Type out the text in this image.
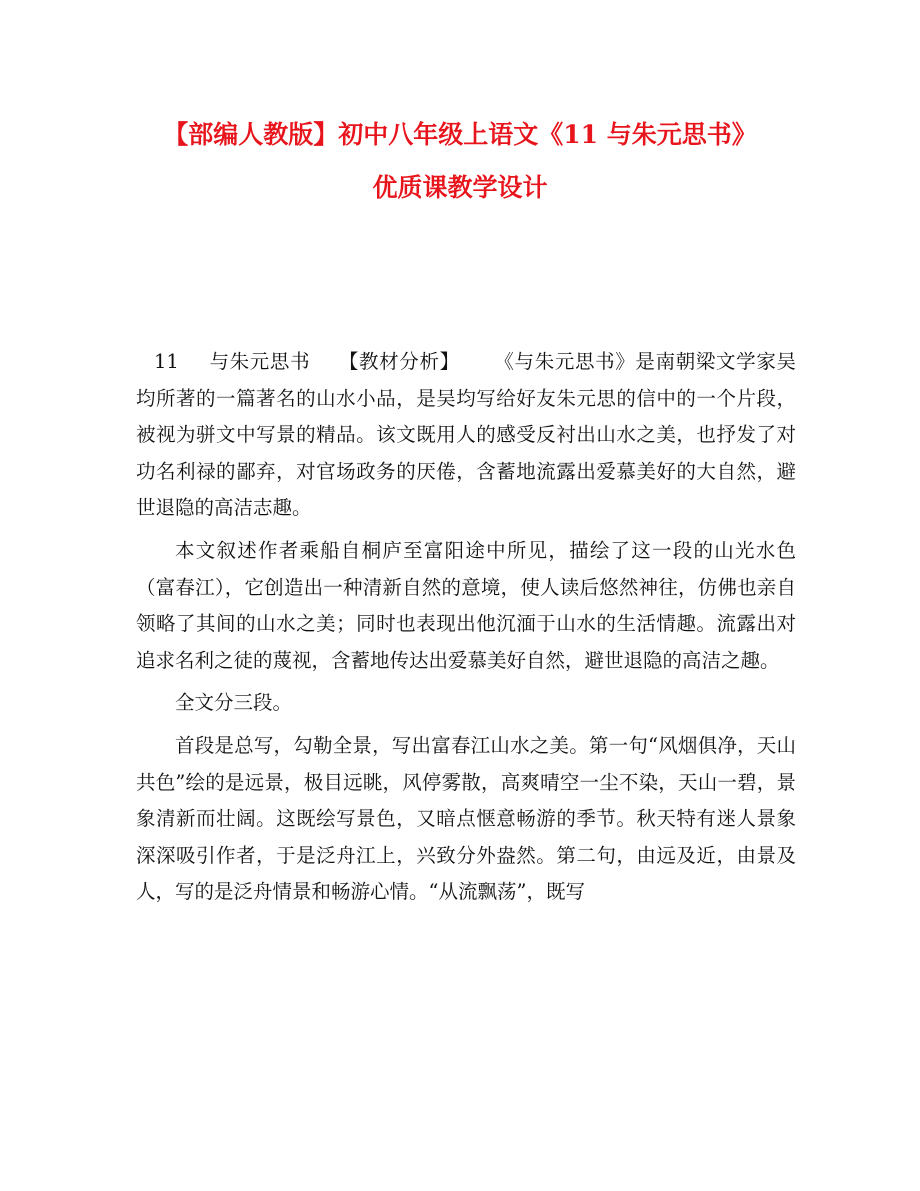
【部编人教版】初中八年级上语文《11 与朱元思书》
优质课教学设计

11 与朱元思书 【教材分析】 《与朱元思书》是南朝梁文学家吴均所著的一篇著名的山水小品，是吴均写给好友朱元思的信中的一个片段，被视为骈文中写景的精品。该文既用人的感受反衬出山水之美，也抒发了对功名利禄的鄙弃，对官场政务的厌倦，含蓄地流露出爱慕美好的大自然，避世退隐的高洁志趣。

本文叙述作者乘船自桐庐至富阳途中所见，描绘了这一段的山光水色（富春江），它创造出一种清新自然的意境，使人读后悠然神往，仿佛也亲自领略了其间的山水之美；同时也表现出他沉湎于山水的生活情趣。流露出对追求名利之徒的蔑视，含蓄地传达出爱慕美好自然，避世退隐的高洁之趣。

全文分三段。

首段是总写，勾勒全景，写出富春江山水之美。第一句“风烟俱净，天山共色”绘的是远景，极目远眺，风停雾散，高爽晴空一尘不染，天山一碧，景象清新而壮阔。这既绘写景色，又暗点惬意畅游的季节。秋天特有迷人景象深深吸引作者，于是泛舟江上，兴致分外盎然。第二句，由远及近，由景及人，写的是泛舟情景和畅游心情。“从流飘荡”，既写
